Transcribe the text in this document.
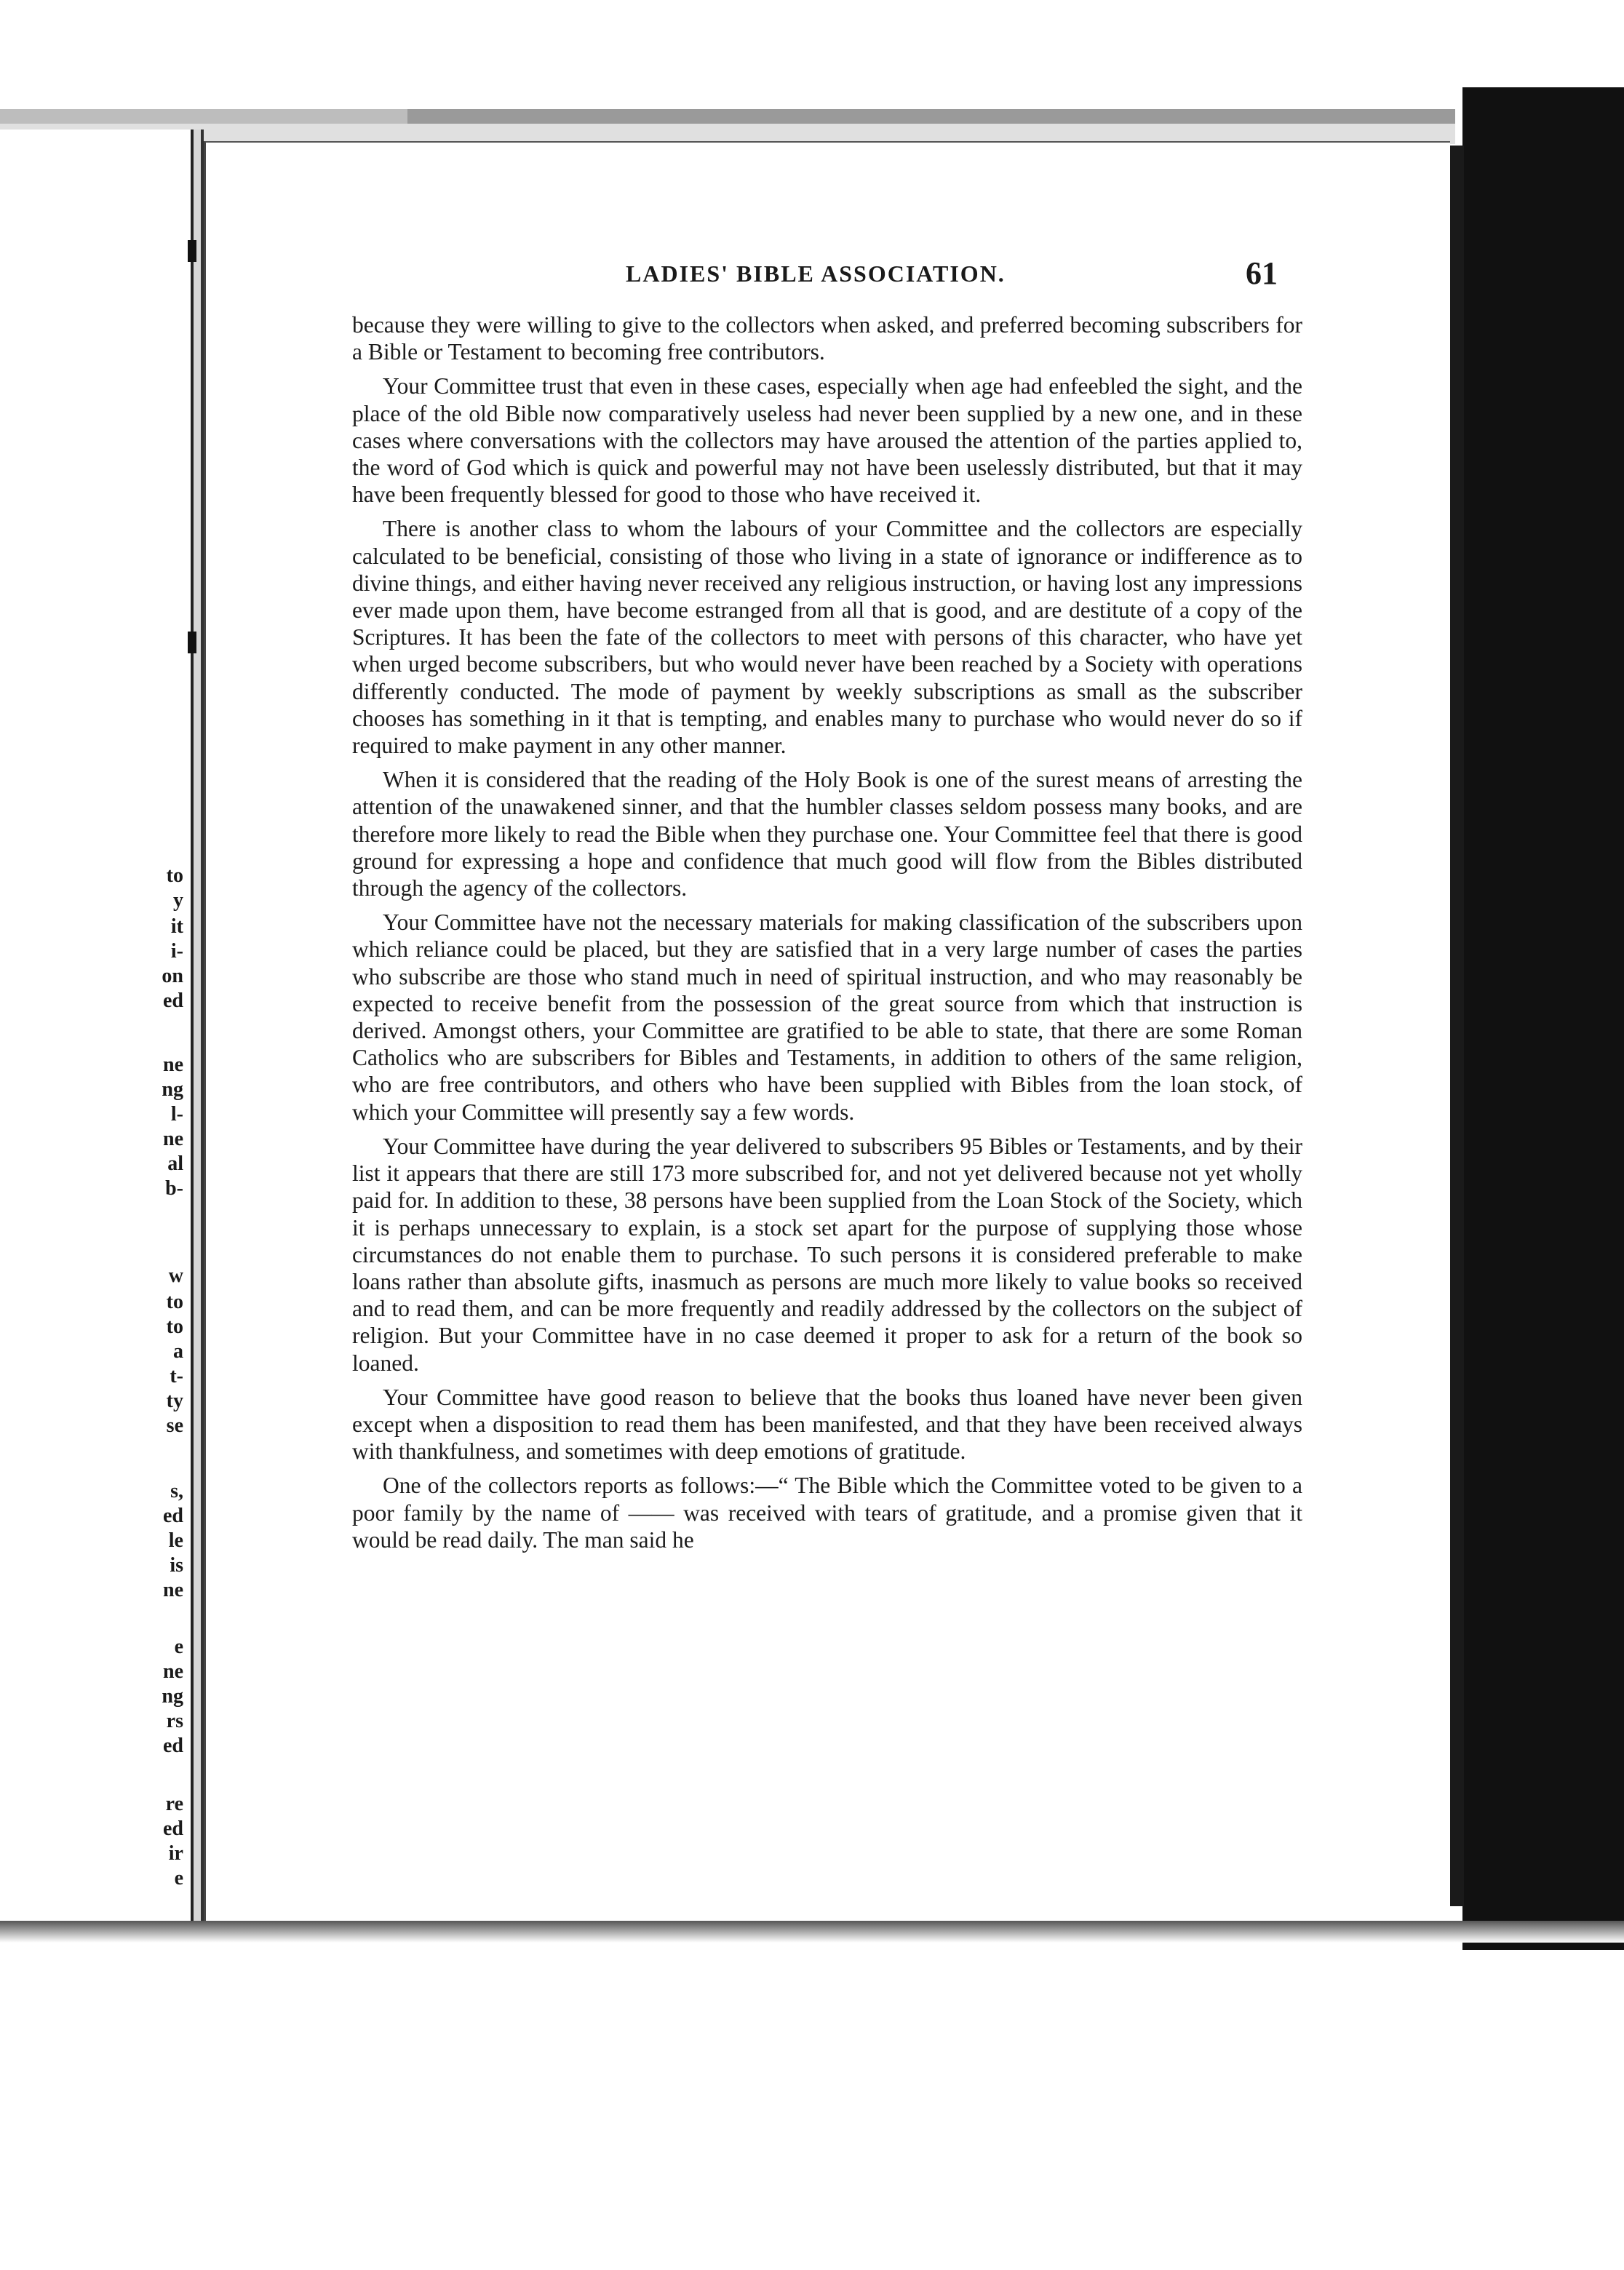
LADIES' BIBLE ASSOCIATION.	61

because they were willing to give to the collectors when asked, and preferred becoming subscribers for a Bible or Testament to becoming free contributors.

Your Committee trust that even in these cases, especially when age had enfeebled the sight, and the place of the old Bible now comparatively useless had never been supplied by a new one, and in these cases where conversations with the collectors may have aroused the attention of the parties applied to, the word of God which is quick and powerful may not have been uselessly distributed, but that it may have been frequently blessed for good to those who have received it.

There is another class to whom the labours of your Committee and the collectors are especially calculated to be beneficial, consisting of those who living in a state of ignorance or indifference as to divine things, and either having never received any religious instruction, or having lost any impressions ever made upon them, have become estranged from all that is good, and are destitute of a copy of the Scriptures. It has been the fate of the collectors to meet with persons of this character, who have yet when urged become subscribers, but who would never have been reached by a Society with operations differently conducted. The mode of payment by weekly subscriptions as small as the subscriber chooses has something in it that is tempting, and enables many to purchase who would never do so if required to make payment in any other manner.

When it is considered that the reading of the Holy Book is one of the surest means of arresting the attention of the unawakened sinner, and that the humbler classes seldom possess many books, and are therefore more likely to read the Bible when they purchase one. Your Committee feel that there is good ground for expressing a hope and confidence that much good will flow from the Bibles distributed through the agency of the collectors.

Your Committee have not the necessary materials for making classification of the subscribers upon which reliance could be placed, but they are satisfied that in a very large number of cases the parties who subscribe are those who stand much in need of spiritual instruction, and who may reasonably be expected to receive benefit from the possession of the great source from which that instruction is derived. Amongst others, your Committee are gratified to be able to state, that there are some Roman Catholics who are subscribers for Bibles and Testaments, in addition to others of the same religion, who are free contributors, and others who have been supplied with Bibles from the loan stock, of which your Committee will presently say a few words.

Your Committee have during the year delivered to subscribers 95 Bibles or Testaments, and by their list it appears that there are still 173 more subscribed for, and not yet delivered because not yet wholly paid for. In addition to these, 38 persons have been supplied from the Loan Stock of the Society, which it is perhaps unnecessary to explain, is a stock set apart for the purpose of supplying those whose circumstances do not enable them to purchase. To such persons it is considered preferable to make loans rather than absolute gifts, inasmuch as persons are much more likely to value books so received and to read them, and can be more frequently and readily addressed by the collectors on the subject of religion. But your Committee have in no case deemed it proper to ask for a return of the book so loaned.

Your Committee have good reason to believe that the books thus loaned have never been given except when a disposition to read them has been manifested, and that they have been received always with thankfulness, and sometimes with deep emotions of gratitude.

One of the collectors reports as follows:—“ The Bible which the Committee voted to be given to a poor family by the name of —— was received with tears of gratitude, and a promise given that it would be read daily. The man said he
